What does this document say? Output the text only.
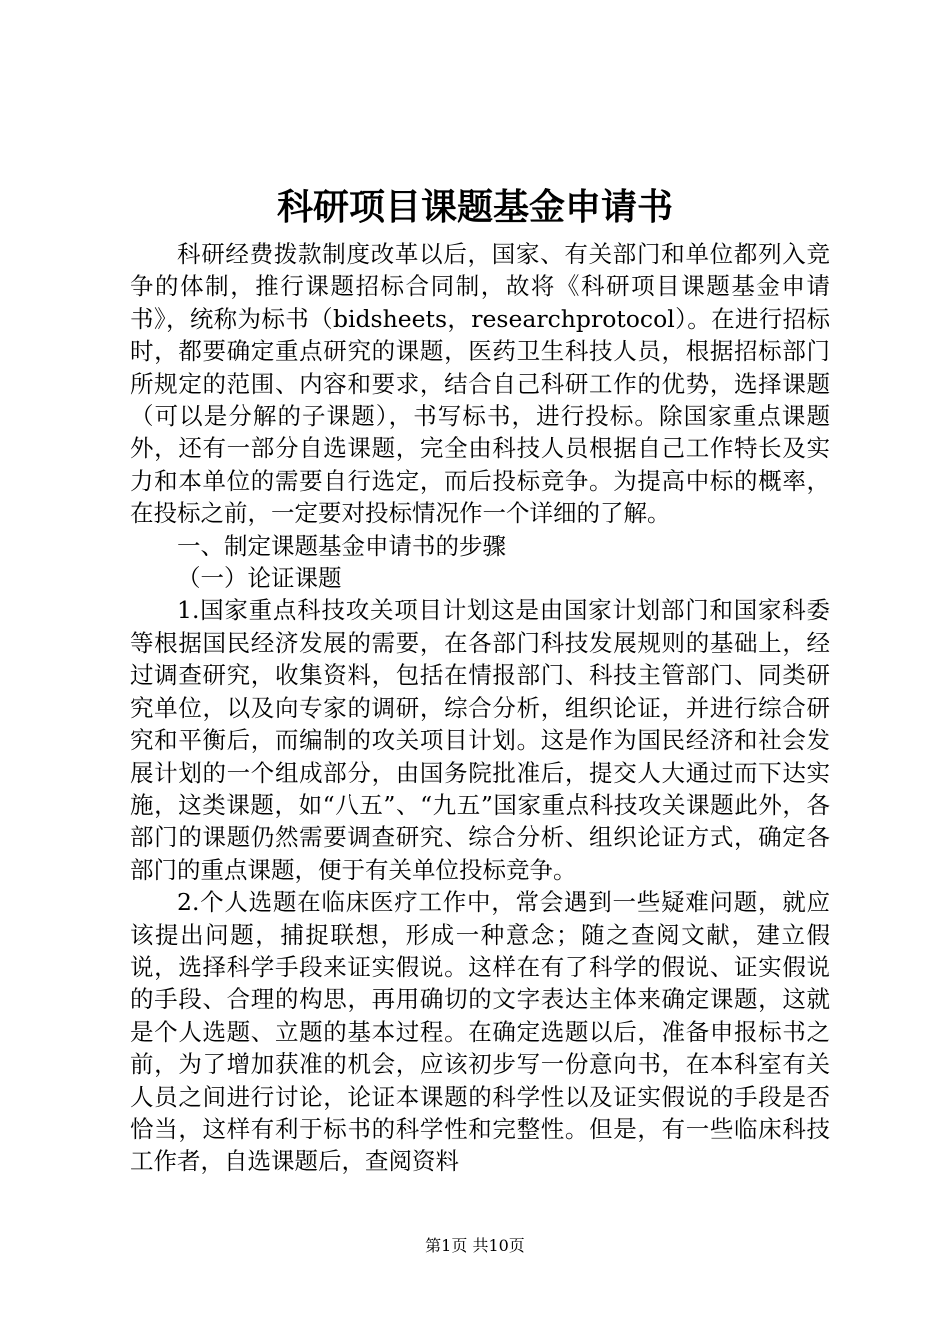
科研项目课题基金申请书

科研经费拨款制度改革以后，国家、有关部门和单位都列入竞争的体制，推行课题招标合同制，故将《科研项目课题基金申请书》，统称为标书（bidsheets，researchprotocol）。在进行招标时，都要确定重点研究的课题，医药卫生科技人员，根据招标部门所规定的范围、内容和要求，结合自己科研工作的优势，选择课题（可以是分解的子课题），书写标书，进行投标。除国家重点课题外，还有一部分自选课题，完全由科技人员根据自己工作特长及实力和本单位的需要自行选定，而后投标竞争。为提高中标的概率，在投标之前，一定要对投标情况作一个详细的了解。

一、制定课题基金申请书的步骤

（一）论证课题

1.国家重点科技攻关项目计划这是由国家计划部门和国家科委等根据国民经济发展的需要，在各部门科技发展规则的基础上，经过调查研究，收集资料，包括在情报部门、科技主管部门、同类研究单位，以及向专家的调研，综合分析，组织论证，并进行综合研究和平衡后，而编制的攻关项目计划。这是作为国民经济和社会发展计划的一个组成部分，由国务院批准后，提交人大通过而下达实施，这类课题，如“八五”、“九五”国家重点科技攻关课题此外，各部门的课题仍然需要调查研究、综合分析、组织论证方式，确定各部门的重点课题，便于有关单位投标竞争。

2.个人选题在临床医疗工作中，常会遇到一些疑难问题，就应该提出问题，捕捉联想，形成一种意念；随之查阅文献，建立假说，选择科学手段来证实假说。这样在有了科学的假说、证实假说的手段、合理的构思，再用确切的文字表达主体来确定课题，这就是个人选题、立题的基本过程。在确定选题以后，准备申报标书之前，为了增加获准的机会，应该初步写一份意向书，在本科室有关人员之间进行讨论，论证本课题的科学性以及证实假说的手段是否恰当，这样有利于标书的科学性和完整性。但是，有一些临床科技工作者，自选课题后，查阅资料

第1页 共10页
